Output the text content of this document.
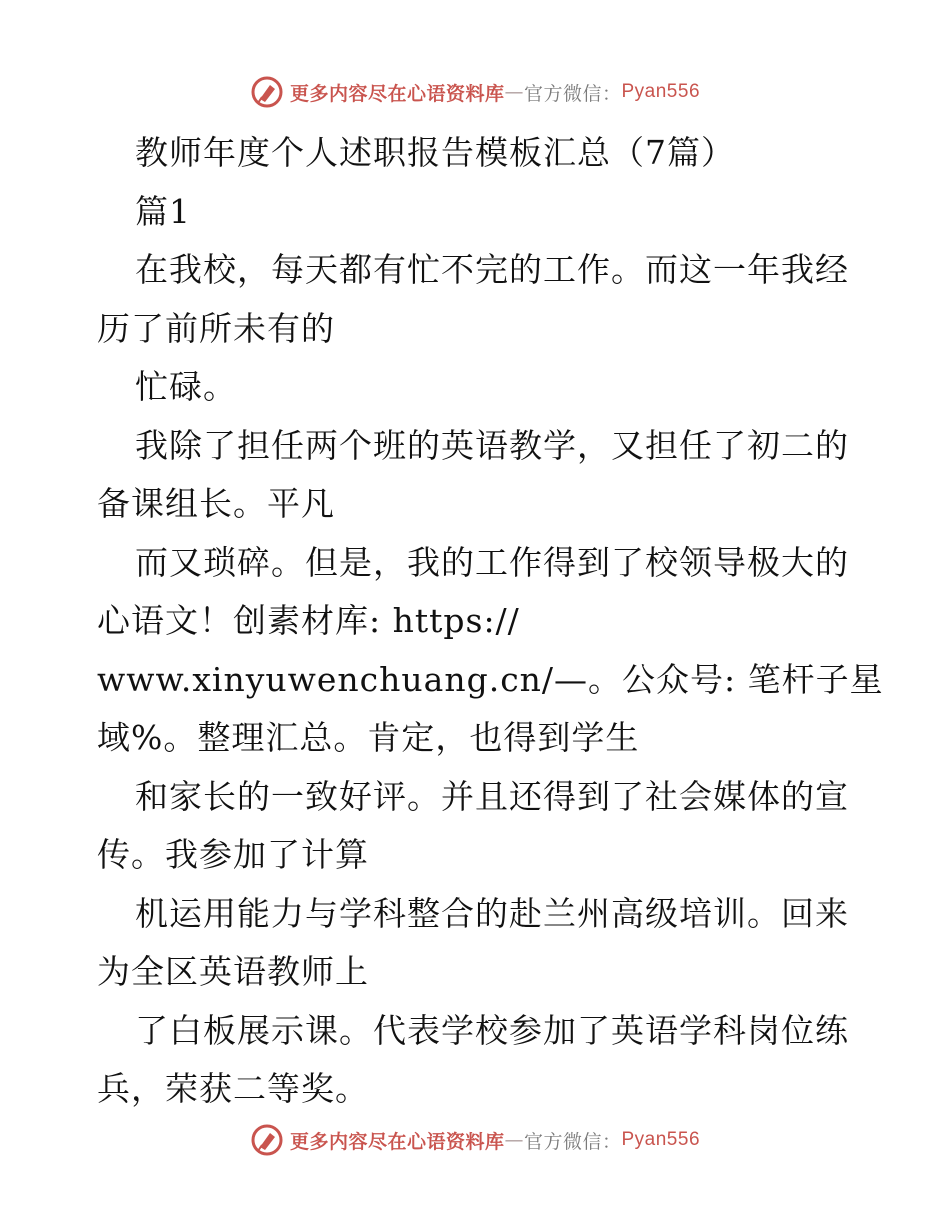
更多内容尽在心语资料库 — 官方微信： Pyan556
教师年度个人述职报告模板汇总（7篇）
篇1
在我校，每天都有忙不完的工作。而这一年我经
历了前所未有的
忙碌。
我除了担任两个班的英语教学，又担任了初二的
备课组长。平凡
而又琐碎。但是，我的工作得到了校领导极大的
心语文！创素材库: https://
www.xinyuwenchuang.cn/—。公众号: 笔杆子星
域%。整理汇总。肯定，也得到学生
和家长的一致好评。并且还得到了社会媒体的宣
传。我参加了计算
机运用能力与学科整合的赴兰州高级培训。回来
为全区英语教师上
了白板展示课。代表学校参加了英语学科岗位练
兵，荣获二等奖。
更多内容尽在心语资料库 — 官方微信： Pyan556
